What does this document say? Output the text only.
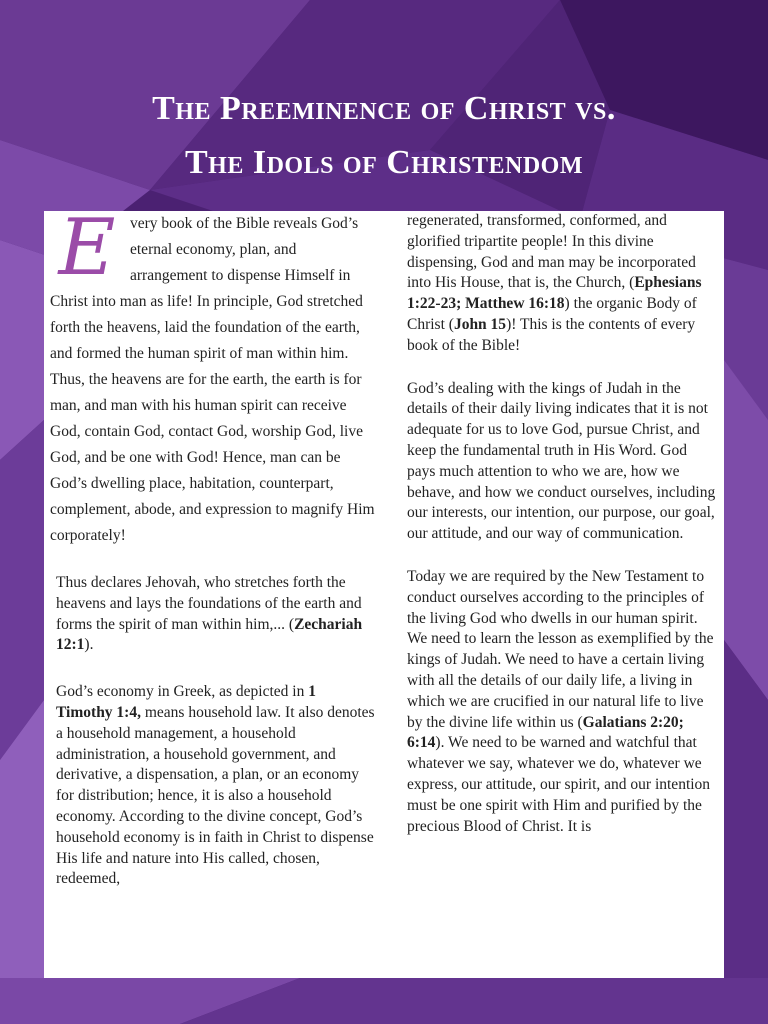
The Preeminence of Christ vs.
The Idols of Christendom

Every book of the Bible reveals God’s eternal economy, plan, and arrangement to dispense Himself in Christ into man as life! In principle, God stretched forth the heavens, laid the foundation of the earth, and formed the human spirit of man within him. Thus, the heavens are for the earth, the earth is for man, and man with his human spirit can receive God, contain God, contact God, worship God, live God, and be one with God! Hence, man can be God’s dwelling place, habitation, counterpart, complement, abode, and expression to magnify Him corporately!

Thus declares Jehovah, who stretches forth the heavens and lays the foundations of the earth and forms the spirit of man within him,... (Zechariah 12:1).

God’s economy in Greek, as depicted in 1 Timothy 1:4, means household law. It also denotes a household management, a household administration, a household government, and derivative, a dispensation, a plan, or an economy for distribution; hence, it is also a household economy. According to the divine concept, God’s household economy is in faith in Christ to dispense His life and nature into His called, chosen, redeemed,

regenerated, transformed, conformed, and glorified tripartite people! In this divine dispensing, God and man may be incorporated into His House, that is, the Church, (Ephesians 1:22-23; Matthew 16:18) the organic Body of Christ (John 15)! This is the contents of every book of the Bible!

God’s dealing with the kings of Judah in the details of their daily living indicates that it is not adequate for us to love God, pursue Christ, and keep the fundamental truth in His Word. God pays much attention to who we are, how we behave, and how we conduct ourselves, including our interests, our intention, our purpose, our goal, our attitude, and our way of communication.

Today we are required by the New Testament to conduct ourselves according to the principles of the living God who dwells in our human spirit. We need to learn the lesson as exemplified by the kings of Judah. We need to have a certain living with all the details of our daily life, a living in which we are crucified in our natural life to live by the divine life within us (Galatians 2:20; 6:14). We need to be warned and watchful that whatever we say, whatever we do, whatever we express, our attitude, our spirit, and our intention must be one spirit with Him and purified by the precious Blood of Christ. It is
